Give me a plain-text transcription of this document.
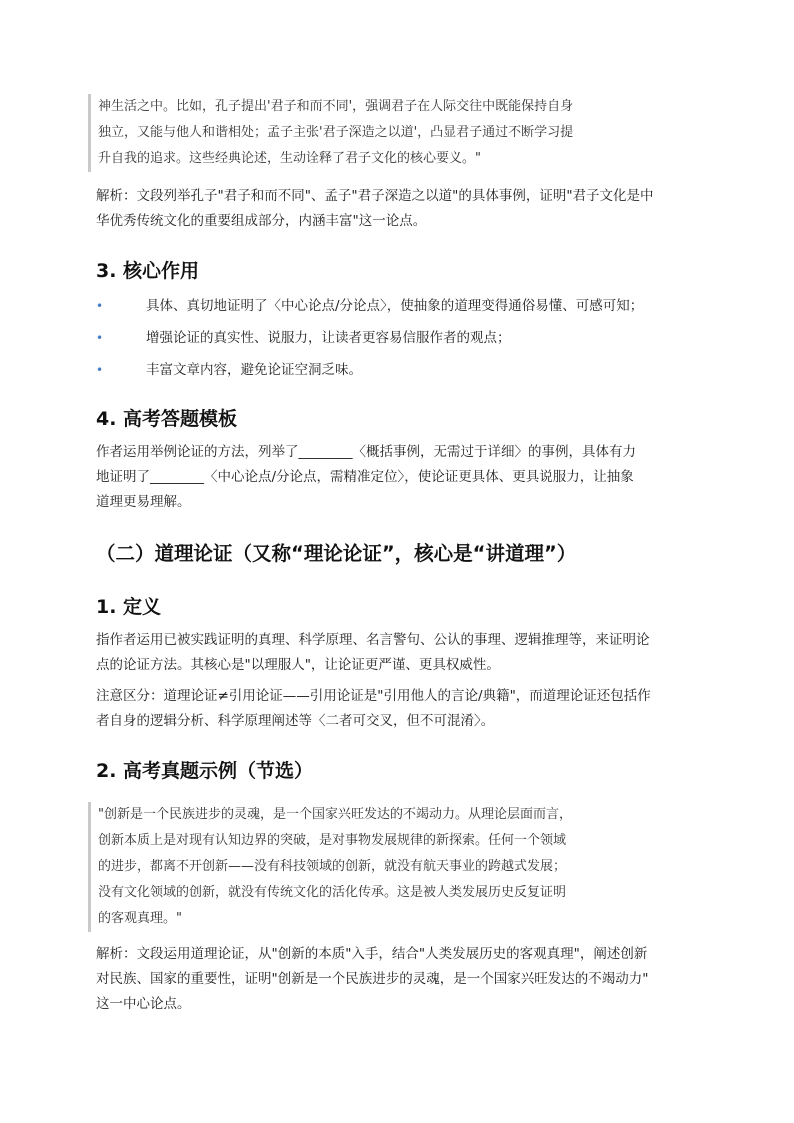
神生活之中。比如，孔子提出'君子和而不同'，强调君子在人际交往中既能保持自身
独立，又能与他人和谐相处；孟子主张'君子深造之以道'，凸显君子通过不断学习提
升自我的追求。这些经典论述，生动诠释了君子文化的核心要义。"
解析：文段列举孔子"君子和而不同"、孟子"君子深造之以道"的具体事例，证明"君子文化是中
华优秀传统文化的重要组成部分，内涵丰富"这一论点。
3. 核心作用
•	具体、真切地证明了〈中心论点/分论点〉，使抽象的道理变得通俗易懂、可感可知；
•	增强论证的真实性、说服力，让读者更容易信服作者的观点；
•	丰富文章内容，避免论证空洞乏味。
4. 高考答题模板
作者运用举例论证的方法，列举了________〈概括事例，无需过于详细〉的事例，具体有力
地证明了________〈中心论点/分论点，需精准定位〉，使论证更具体、更具说服力，让抽象
道理更易理解。
（二）道理论证（又称“理论论证”，核心是“讲道理”）
1. 定义
指作者运用已被实践证明的真理、科学原理、名言警句、公认的事理、逻辑推理等，来证明论
点的论证方法。其核心是"以理服人"，让论证更严谨、更具权威性。
注意区分：道理论证≠引用论证——引用论证是"引用他人的言论/典籍"，而道理论证还包括作
者自身的逻辑分析、科学原理阐述等〈二者可交叉，但不可混淆〉。
2. 高考真题示例（节选）
"创新是一个民族进步的灵魂，是一个国家兴旺发达的不竭动力。从理论层面而言，
创新本质上是对现有认知边界的突破，是对事物发展规律的新探索。任何一个领域
的进步，都离不开创新——没有科技领域的创新，就没有航天事业的跨越式发展；
没有文化领域的创新，就没有传统文化的活化传承。这是被人类发展历史反复证明
的客观真理。"
解析：文段运用道理论证，从"创新的本质"入手，结合"人类发展历史的客观真理"，阐述创新
对民族、国家的重要性，证明"创新是一个民族进步的灵魂，是一个国家兴旺发达的不竭动力"
这一中心论点。
